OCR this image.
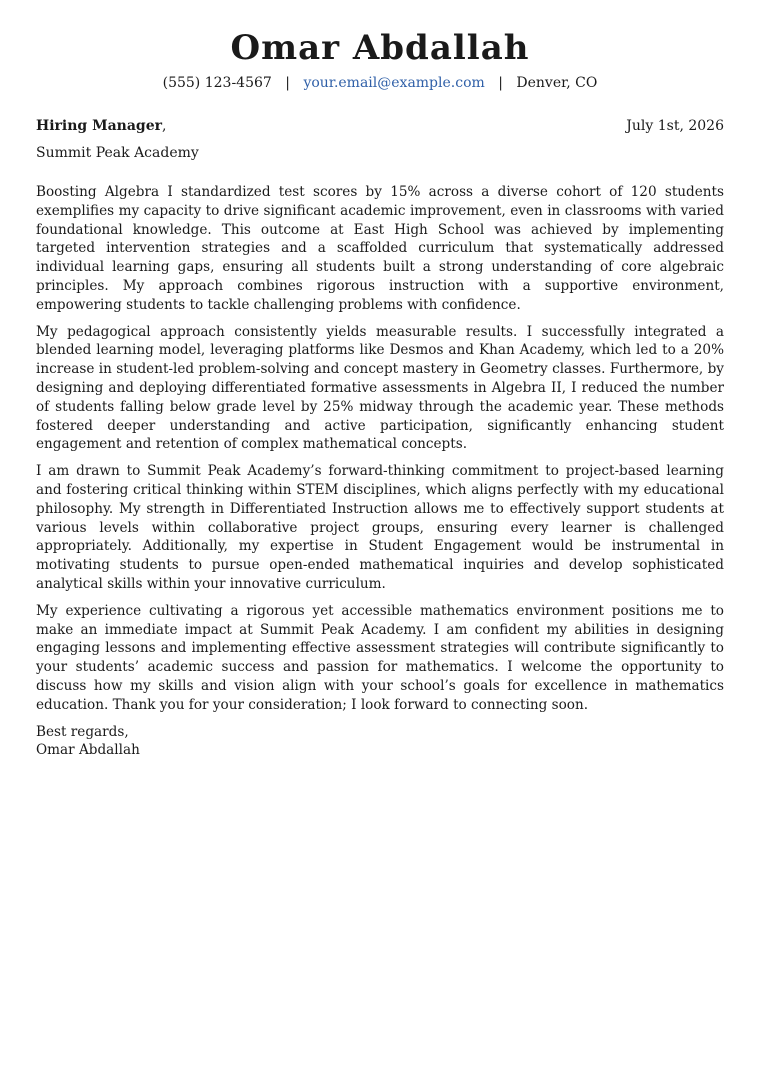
Omar Abdallah
(555) 123-4567 | your.email@example.com | Denver, CO
Hiring Manager,	July 1st, 2026
Summit Peak Academy

Boosting Algebra I standardized test scores by 15% across a diverse cohort of 120 students exemplifies my capacity to drive significant academic improvement, even in classrooms with varied foundational knowledge. This outcome at East High School was achieved by implementing targeted intervention strategies and a scaffolded curriculum that systematically addressed individual learning gaps, ensuring all students built a strong understanding of core algebraic principles. My approach combines rigorous instruction with a supportive environment, empowering students to tackle challenging problems with confidence.

My pedagogical approach consistently yields measurable results. I successfully integrated a blended learning model, leveraging platforms like Desmos and Khan Academy, which led to a 20% increase in student-led problem-solving and concept mastery in Geometry classes. Furthermore, by designing and deploying differentiated formative assessments in Algebra II, I reduced the number of students falling below grade level by 25% midway through the academic year. These methods fostered deeper understanding and active participation, significantly enhancing student engagement and retention of complex mathematical concepts.

I am drawn to Summit Peak Academy’s forward-thinking commitment to project-based learning and fostering critical thinking within STEM disciplines, which aligns perfectly with my educational philosophy. My strength in Differentiated Instruction allows me to effectively support students at various levels within collaborative project groups, ensuring every learner is challenged appropriately. Additionally, my expertise in Student Engagement would be instrumental in motivating students to pursue open-ended mathematical inquiries and develop sophisticated analytical skills within your innovative curriculum.

My experience cultivating a rigorous yet accessible mathematics environment positions me to make an immediate impact at Summit Peak Academy. I am confident my abilities in designing engaging lessons and implementing effective assessment strategies will contribute significantly to your students’ academic success and passion for mathematics. I welcome the opportunity to discuss how my skills and vision align with your school’s goals for excellence in mathematics education. Thank you for your consideration; I look forward to connecting soon.

Best regards,
Omar Abdallah
